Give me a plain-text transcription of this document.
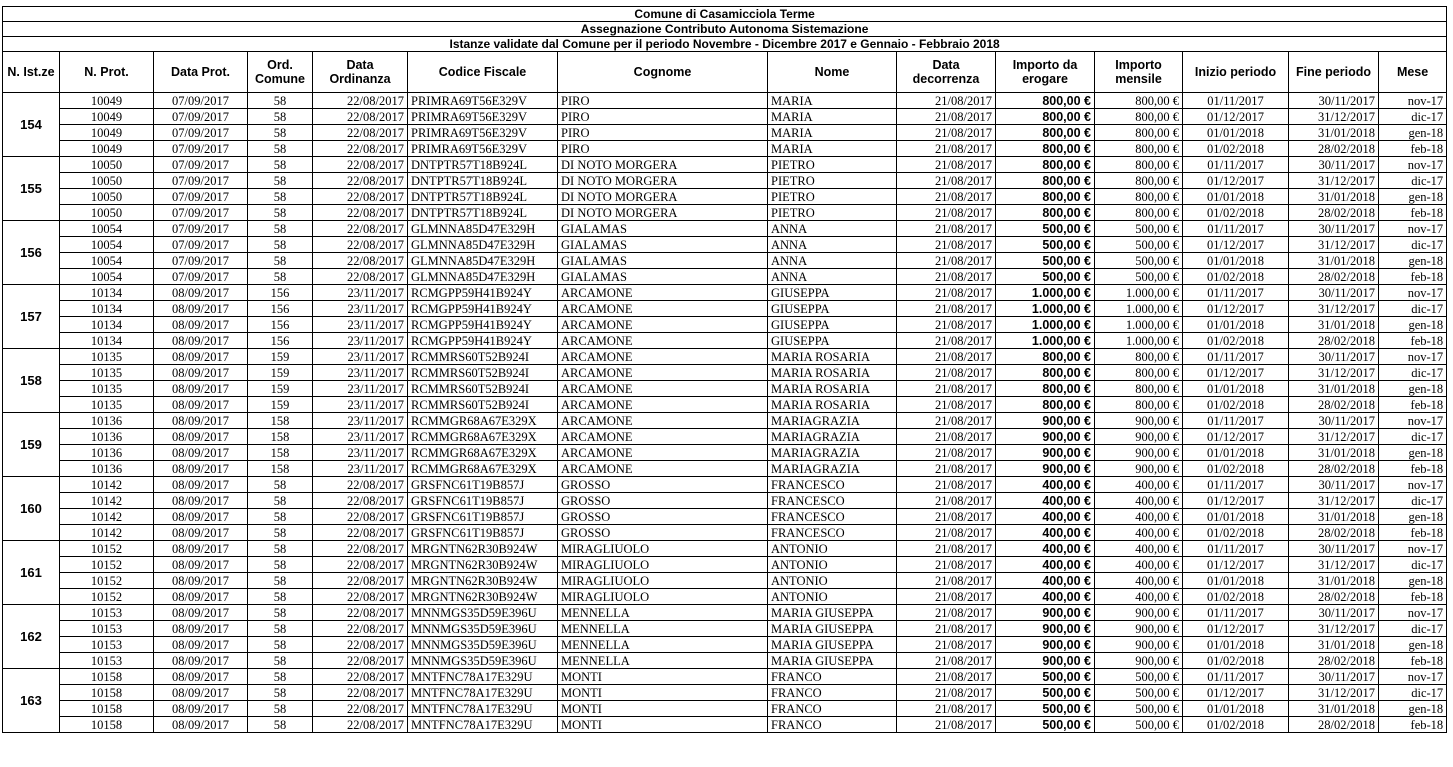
Comune di Casamicciola Terme													
Assegnazione Contributo Autonoma Sistemazione													
Istanze validate dal Comune per il periodo Novembre - Dicembre 2017 e Gennaio - Febbraio 2018													
N. Ist.ze	N. Prot.	Data Prot.	Ord. Comune	Data Ordinanza	Codice Fiscale	Cognome	Nome	Data decorrenza	Importo da erogare	Importo mensile	Inizio periodo	Fine periodo	Mese
154	10049	07/09/2017	58	22/08/2017	PRIMRA69T56E329V	PIRO	MARIA	21/08/2017	800,00 €	800,00 €	01/11/2017	30/11/2017	nov-17
	10049	07/09/2017	58	22/08/2017	PRIMRA69T56E329V	PIRO	MARIA	21/08/2017	800,00 €	800,00 €	01/12/2017	31/12/2017	dic-17
	10049	07/09/2017	58	22/08/2017	PRIMRA69T56E329V	PIRO	MARIA	21/08/2017	800,00 €	800,00 €	01/01/2018	31/01/2018	gen-18
	10049	07/09/2017	58	22/08/2017	PRIMRA69T56E329V	PIRO	MARIA	21/08/2017	800,00 €	800,00 €	01/02/2018	28/02/2018	feb-18
155	10050	07/09/2017	58	22/08/2017	DNTPTR57T18B924L	DI NOTO MORGERA	PIETRO	21/08/2017	800,00 €	800,00 €	01/11/2017	30/11/2017	nov-17
	10050	07/09/2017	58	22/08/2017	DNTPTR57T18B924L	DI NOTO MORGERA	PIETRO	21/08/2017	800,00 €	800,00 €	01/12/2017	31/12/2017	dic-17
	10050	07/09/2017	58	22/08/2017	DNTPTR57T18B924L	DI NOTO MORGERA	PIETRO	21/08/2017	800,00 €	800,00 €	01/01/2018	31/01/2018	gen-18
	10050	07/09/2017	58	22/08/2017	DNTPTR57T18B924L	DI NOTO MORGERA	PIETRO	21/08/2017	800,00 €	800,00 €	01/02/2018	28/02/2018	feb-18
156	10054	07/09/2017	58	22/08/2017	GLMNNA85D47E329H	GIALAMAS	ANNA	21/08/2017	500,00 €	500,00 €	01/11/2017	30/11/2017	nov-17
	10054	07/09/2017	58	22/08/2017	GLMNNA85D47E329H	GIALAMAS	ANNA	21/08/2017	500,00 €	500,00 €	01/12/2017	31/12/2017	dic-17
	10054	07/09/2017	58	22/08/2017	GLMNNA85D47E329H	GIALAMAS	ANNA	21/08/2017	500,00 €	500,00 €	01/01/2018	31/01/2018	gen-18
	10054	07/09/2017	58	22/08/2017	GLMNNA85D47E329H	GIALAMAS	ANNA	21/08/2017	500,00 €	500,00 €	01/02/2018	28/02/2018	feb-18
157	10134	08/09/2017	156	23/11/2017	RCMGPP59H41B924Y	ARCAMONE	GIUSEPPA	21/08/2017	1.000,00 €	1.000,00 €	01/11/2017	30/11/2017	nov-17
	10134	08/09/2017	156	23/11/2017	RCMGPP59H41B924Y	ARCAMONE	GIUSEPPA	21/08/2017	1.000,00 €	1.000,00 €	01/12/2017	31/12/2017	dic-17
	10134	08/09/2017	156	23/11/2017	RCMGPP59H41B924Y	ARCAMONE	GIUSEPPA	21/08/2017	1.000,00 €	1.000,00 €	01/01/2018	31/01/2018	gen-18
	10134	08/09/2017	156	23/11/2017	RCMGPP59H41B924Y	ARCAMONE	GIUSEPPA	21/08/2017	1.000,00 €	1.000,00 €	01/02/2018	28/02/2018	feb-18
158	10135	08/09/2017	159	23/11/2017	RCMMRS60T52B924I	ARCAMONE	MARIA ROSARIA	21/08/2017	800,00 €	800,00 €	01/11/2017	30/11/2017	nov-17
	10135	08/09/2017	159	23/11/2017	RCMMRS60T52B924I	ARCAMONE	MARIA ROSARIA	21/08/2017	800,00 €	800,00 €	01/12/2017	31/12/2017	dic-17
	10135	08/09/2017	159	23/11/2017	RCMMRS60T52B924I	ARCAMONE	MARIA ROSARIA	21/08/2017	800,00 €	800,00 €	01/01/2018	31/01/2018	gen-18
	10135	08/09/2017	159	23/11/2017	RCMMRS60T52B924I	ARCAMONE	MARIA ROSARIA	21/08/2017	800,00 €	800,00 €	01/02/2018	28/02/2018	feb-18
159	10136	08/09/2017	158	23/11/2017	RCMMGR68A67E329X	ARCAMONE	MARIAGRAZIA	21/08/2017	900,00 €	900,00 €	01/11/2017	30/11/2017	nov-17
	10136	08/09/2017	158	23/11/2017	RCMMGR68A67E329X	ARCAMONE	MARIAGRAZIA	21/08/2017	900,00 €	900,00 €	01/12/2017	31/12/2017	dic-17
	10136	08/09/2017	158	23/11/2017	RCMMGR68A67E329X	ARCAMONE	MARIAGRAZIA	21/08/2017	900,00 €	900,00 €	01/01/2018	31/01/2018	gen-18
	10136	08/09/2017	158	23/11/2017	RCMMGR68A67E329X	ARCAMONE	MARIAGRAZIA	21/08/2017	900,00 €	900,00 €	01/02/2018	28/02/2018	feb-18
160	10142	08/09/2017	58	22/08/2017	GRSFNC61T19B857J	GROSSO	FRANCESCO	21/08/2017	400,00 €	400,00 €	01/11/2017	30/11/2017	nov-17
	10142	08/09/2017	58	22/08/2017	GRSFNC61T19B857J	GROSSO	FRANCESCO	21/08/2017	400,00 €	400,00 €	01/12/2017	31/12/2017	dic-17
	10142	08/09/2017	58	22/08/2017	GRSFNC61T19B857J	GROSSO	FRANCESCO	21/08/2017	400,00 €	400,00 €	01/01/2018	31/01/2018	gen-18
	10142	08/09/2017	58	22/08/2017	GRSFNC61T19B857J	GROSSO	FRANCESCO	21/08/2017	400,00 €	400,00 €	01/02/2018	28/02/2018	feb-18
161	10152	08/09/2017	58	22/08/2017	MRGNTN62R30B924W	MIRAGLIUOLO	ANTONIO	21/08/2017	400,00 €	400,00 €	01/11/2017	30/11/2017	nov-17
	10152	08/09/2017	58	22/08/2017	MRGNTN62R30B924W	MIRAGLIUOLO	ANTONIO	21/08/2017	400,00 €	400,00 €	01/12/2017	31/12/2017	dic-17
	10152	08/09/2017	58	22/08/2017	MRGNTN62R30B924W	MIRAGLIUOLO	ANTONIO	21/08/2017	400,00 €	400,00 €	01/01/2018	31/01/2018	gen-18
	10152	08/09/2017	58	22/08/2017	MRGNTN62R30B924W	MIRAGLIUOLO	ANTONIO	21/08/2017	400,00 €	400,00 €	01/02/2018	28/02/2018	feb-18
162	10153	08/09/2017	58	22/08/2017	MNNMGS35D59E396U	MENNELLA	MARIA GIUSEPPA	21/08/2017	900,00 €	900,00 €	01/11/2017	30/11/2017	nov-17
	10153	08/09/2017	58	22/08/2017	MNNMGS35D59E396U	MENNELLA	MARIA GIUSEPPA	21/08/2017	900,00 €	900,00 €	01/12/2017	31/12/2017	dic-17
	10153	08/09/2017	58	22/08/2017	MNNMGS35D59E396U	MENNELLA	MARIA GIUSEPPA	21/08/2017	900,00 €	900,00 €	01/01/2018	31/01/2018	gen-18
	10153	08/09/2017	58	22/08/2017	MNNMGS35D59E396U	MENNELLA	MARIA GIUSEPPA	21/08/2017	900,00 €	900,00 €	01/02/2018	28/02/2018	feb-18
163	10158	08/09/2017	58	22/08/2017	MNTFNC78A17E329U	MONTI	FRANCO	21/08/2017	500,00 €	500,00 €	01/11/2017	30/11/2017	nov-17
	10158	08/09/2017	58	22/08/2017	MNTFNC78A17E329U	MONTI	FRANCO	21/08/2017	500,00 €	500,00 €	01/12/2017	31/12/2017	dic-17
	10158	08/09/2017	58	22/08/2017	MNTFNC78A17E329U	MONTI	FRANCO	21/08/2017	500,00 €	500,00 €	01/01/2018	31/01/2018	gen-18
	10158	08/09/2017	58	22/08/2017	MNTFNC78A17E329U	MONTI	FRANCO	21/08/2017	500,00 €	500,00 €	01/02/2018	28/02/2018	feb-18
